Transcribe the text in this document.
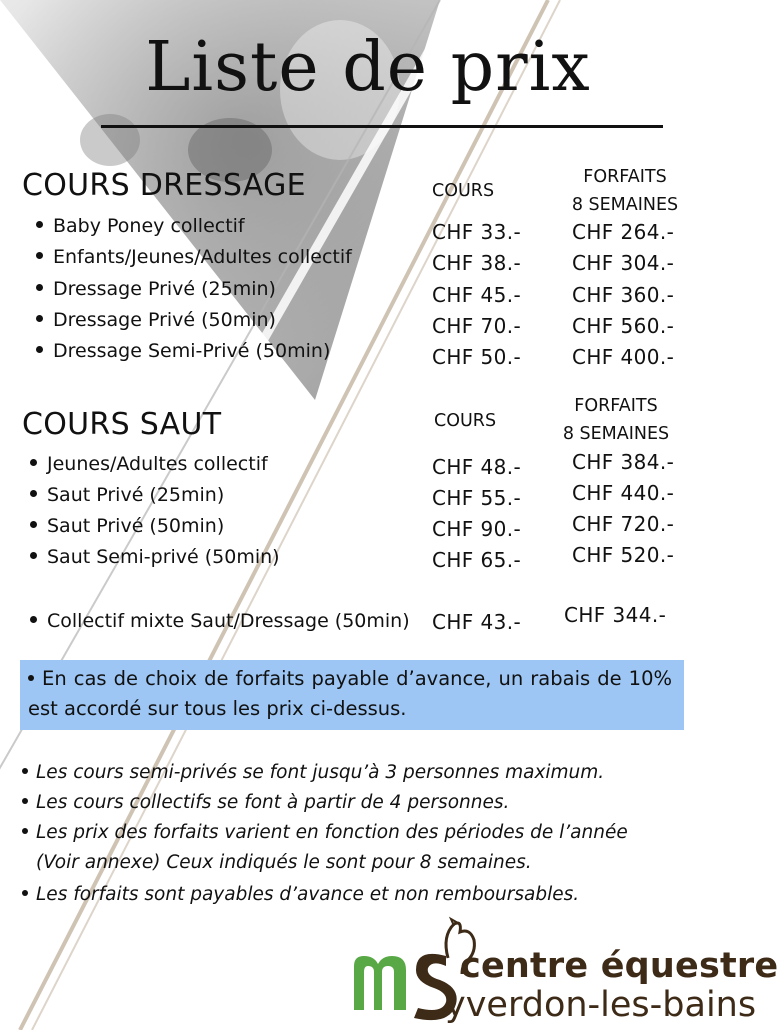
Liste de prix
COURS DRESSAGE	COURS
FORFAITS
8 SEMAINES
Baby Poney collectif
Enfants/Jeunes/Adultes collectif
Dressage Privé (25min)
Dressage Privé (50min)
Dressage Semi-Privé (50min)
CHF 33.-
CHF 38.-
CHF 45.-
CHF 70.-
CHF 50.-
CHF 264.-
CHF 304.-
CHF 360.-
CHF 560.-
CHF 400.-
COURS SAUT	COURS
FORFAITS
8 SEMAINES
Jeunes/Adultes collectif
Saut Privé (25min)
Saut Privé (50min)
Saut Semi-privé (50min)
CHF 48.-
CHF 55.-
CHF 90.-
CHF 65.-
CHF 384.-
CHF 440.-
CHF 720.-
CHF 520.-
Collectif mixte Saut/Dressage (50min) CHF 43.- CHF 344.-
En cas de choix de forfaits payable d’avance, un rabais de 10% est accordé sur tous les prix ci-dessus.
Les cours semi-privés se font jusqu’à 3 personnes maximum.
Les cours collectifs se font à partir de 4 personnes.
Les prix des forfaits varient en fonction des périodes de l’année
(Voir annexe) Ceux indiqués le sont pour 8 semaines.
Les forfaits sont payables d’avance et non remboursables.
centre équestre
yverdon-les-bains
